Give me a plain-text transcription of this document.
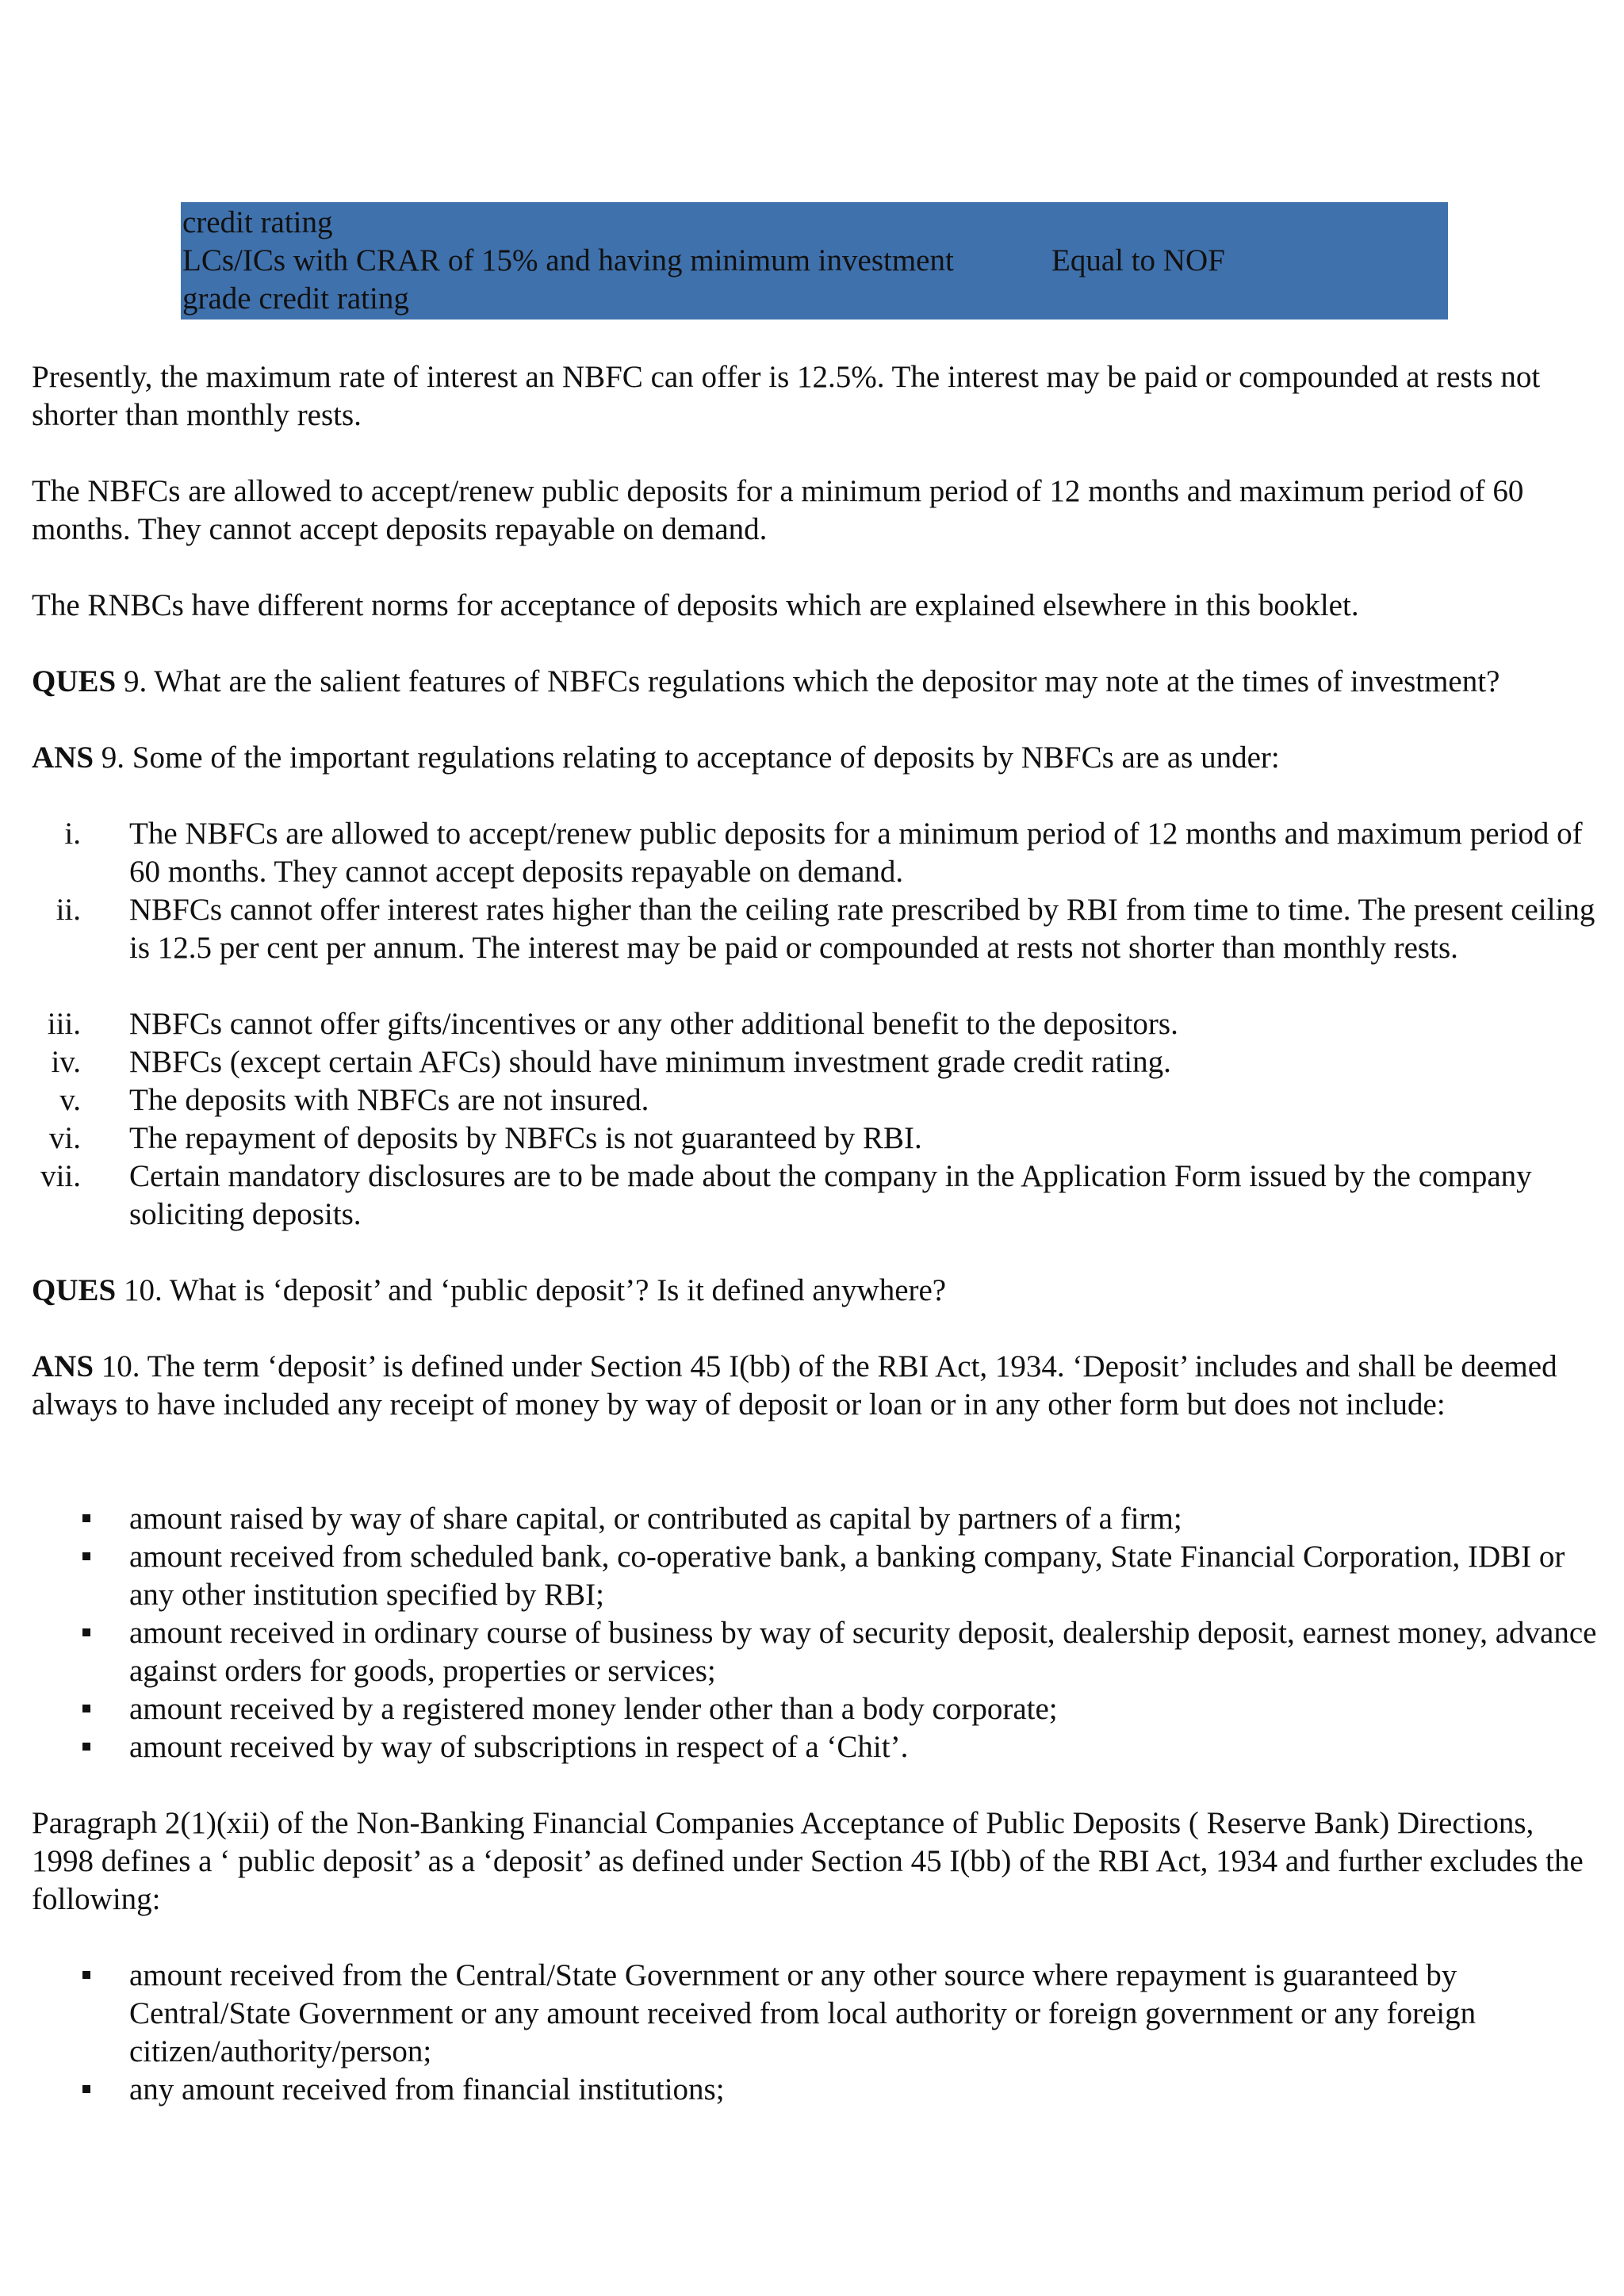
credit rating
LCs/ICs with CRAR of 15% and having minimum investment	Equal to NOF
grade credit rating

Presently, the maximum rate of interest an NBFC can offer is 12.5%. The interest may be paid or compounded at rests not shorter than monthly rests.

The NBFCs are allowed to accept/renew public deposits for a minimum period of 12 months and maximum period of 60 months. They cannot accept deposits repayable on demand.

The RNBCs have different norms for acceptance of deposits which are explained elsewhere in this booklet.

QUES 9. What are the salient features of NBFCs regulations which the depositor may note at the times of investment?

ANS 9. Some of the important regulations relating to acceptance of deposits by NBFCs are as under:

i. The NBFCs are allowed to accept/renew public deposits for a minimum period of 12 months and maximum period of 60 months. They cannot accept deposits repayable on demand.
ii. NBFCs cannot offer interest rates higher than the ceiling rate prescribed by RBI from time to time. The present ceiling is 12.5 per cent per annum. The interest may be paid or compounded at rests not shorter than monthly rests.
iii. NBFCs cannot offer gifts/incentives or any other additional benefit to the depositors.
iv. NBFCs (except certain AFCs) should have minimum investment grade credit rating.
v. The deposits with NBFCs are not insured.
vi. The repayment of deposits by NBFCs is not guaranteed by RBI.
vii. Certain mandatory disclosures are to be made about the company in the Application Form issued by the company soliciting deposits.

QUES 10. What is ‘deposit’ and ‘public deposit’? Is it defined anywhere?

ANS 10. The term ‘deposit’ is defined under Section 45 I(bb) of the RBI Act, 1934. ‘Deposit’ includes and shall be deemed always to have included any receipt of money by way of deposit or loan or in any other form but does not include:

amount raised by way of share capital, or contributed as capital by partners of a firm;
amount received from scheduled bank, co-operative bank, a banking company, State Financial Corporation, IDBI or any other institution specified by RBI;
amount received in ordinary course of business by way of security deposit, dealership deposit, earnest money, advance against orders for goods, properties or services;
amount received by a registered money lender other than a body corporate;
amount received by way of subscriptions in respect of a ‘Chit’.

Paragraph 2(1)(xii) of the Non-Banking Financial Companies Acceptance of Public Deposits ( Reserve Bank) Directions, 1998 defines a ‘ public deposit’ as a ‘deposit’ as defined under Section 45 I(bb) of the RBI Act, 1934 and further excludes the following:

amount received from the Central/State Government or any other source where repayment is guaranteed by Central/State Government or any amount received from local authority or foreign government or any foreign citizen/authority/person;
any amount received from financial institutions;
